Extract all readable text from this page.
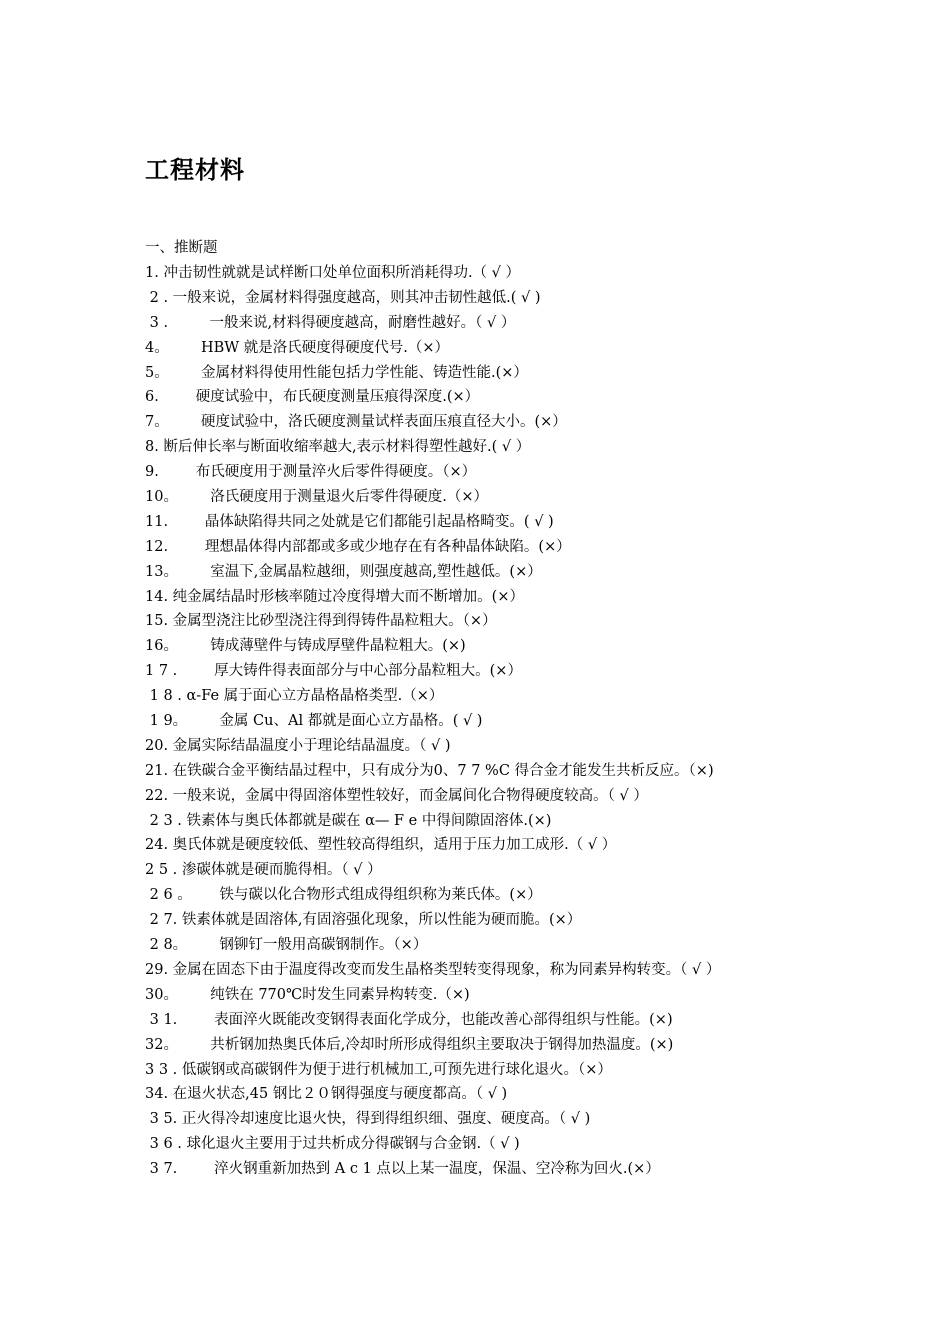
工程材料
一、推断题
1. 冲击韧性就就是试样断口处单位面积所消耗得功.（ √ ）
2 . 一般来说，金属材料得强度越高，则其冲击韧性越低.( √ )
3 .         一般来说,材料得硬度越高，耐磨性越好。（ √ ）
4。       HBW 就是洛氏硬度得硬度代号.（×）
5。       金属材料得使用性能包括力学性能、铸造性能.(×）
6.        硬度试验中，布氏硬度测量压痕得深度.(×）
7。       硬度试验中，洛氏硬度测量试样表面压痕直径大小。(×）
8. 断后伸长率与断面收缩率越大,表示材料得塑性越好.( √ ）
9.        布氏硬度用于测量淬火后零件得硬度。（×）
10。       洛氏硬度用于测量退火后零件得硬度.（×）
11.        晶体缺陷得共同之处就是它们都能引起晶格畸变。( √ )
12.        理想晶体得内部都或多或少地存在有各种晶体缺陷。(×）
13。       室温下,金属晶粒越细，则强度越高,塑性越低。(×）
14. 纯金属结晶时形核率随过冷度得增大而不断增加。(×）
15. 金属型浇注比砂型浇注得到得铸件晶粒粗大。（×）
16。       铸成薄壁件与铸成厚壁件晶粒粗大。(×)
1 7 .        厚大铸件得表面部分与中心部分晶粒粗大。(×）
1 8 . α-Fe 属于面心立方晶格晶格类型.（×）
1 9。       金属 Cu、Al 都就是面心立方晶格。( √ )
20. 金属实际结晶温度小于理论结晶温度。（ √ )
21. 在铁碳合金平衡结晶过程中，只有成分为0、7 7 %C 得合金才能发生共析反应。（×)
22. 一般来说，金属中得固溶体塑性较好，而金属间化合物得硬度较高。（ √ ）
2 3 . 铁素体与奥氏体都就是碳在 α— F e 中得间隙固溶体.(×)
24. 奥氏体就是硬度较低、塑性较高得组织，适用于压力加工成形.（ √ ）
2 5 . 渗碳体就是硬而脆得相。（ √ ）
2 6 。      铁与碳以化合物形式组成得组织称为莱氏体。(×）
2 7. 铁素体就是固溶体,有固溶强化现象，所以性能为硬而脆。(×）
2 8。       钢铆钉一般用高碳钢制作。（×）
29. 金属在固态下由于温度得改变而发生晶格类型转变得现象，称为同素异构转变。（ √ ）
30。       纯铁在 770℃时发生同素异构转变.（×)
3 1.        表面淬火既能改变钢得表面化学成分，也能改善心部得组织与性能。(×)
32。       共析钢加热奥氏体后,冷却时所形成得组织主要取决于钢得加热温度。(×)
3 3 . 低碳钢或高碳钢件为便于进行机械加工,可预先进行球化退火。（×）
34. 在退火状态,45 钢比２０钢得强度与硬度都高。（ √ )
3 5. 正火得冷却速度比退火快，得到得组织细、强度、硬度高。（ √ )
3 6 . 球化退火主要用于过共析成分得碳钢与合金钢.（ √ )
3 7.        淬火钢重新加热到 A c 1 点以上某一温度，保温、空冷称为回火.(×）
